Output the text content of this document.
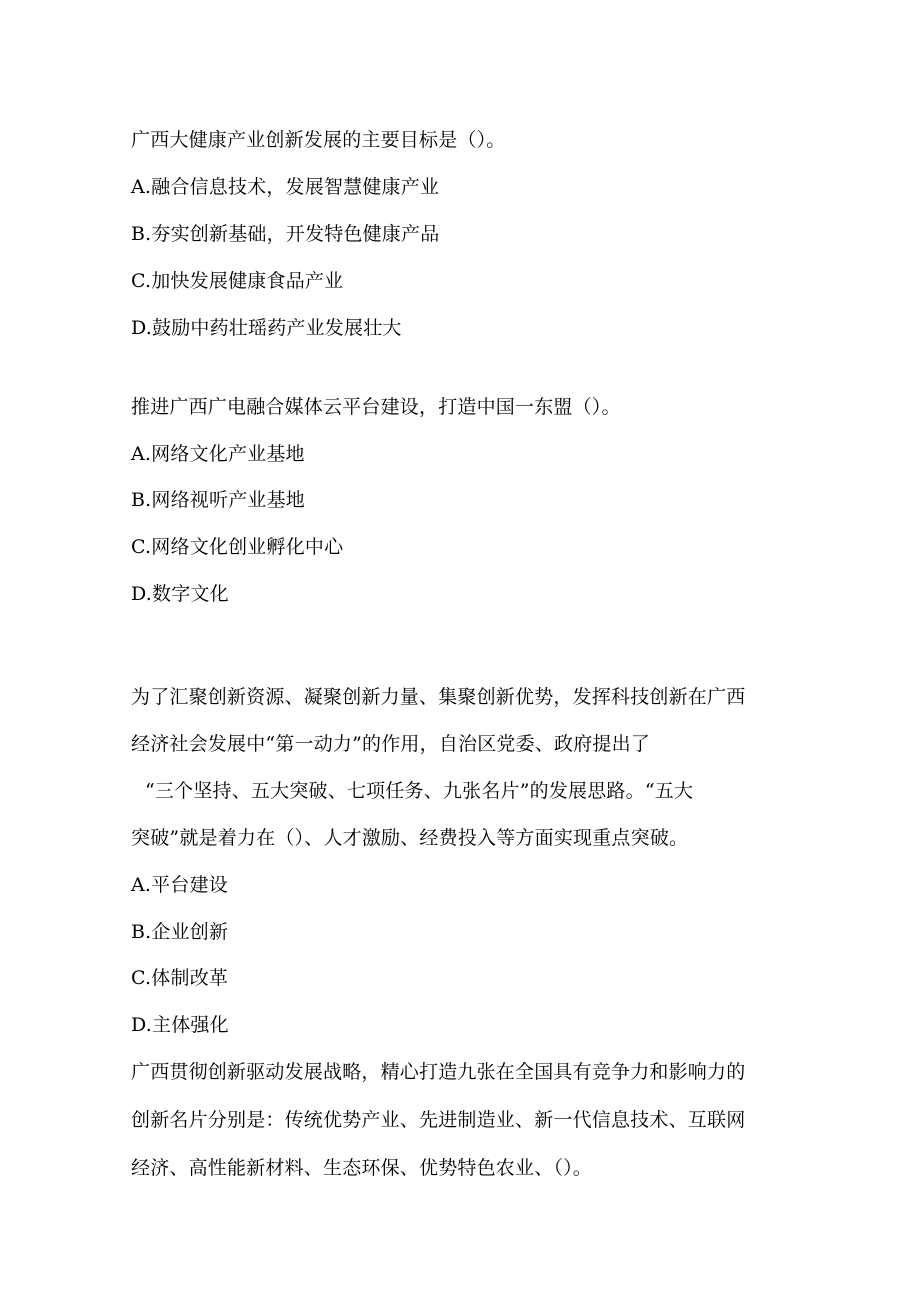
广西大健康产业创新发展的主要目标是（）。
A.融合信息技术，发展智慧健康产业
B.夯实创新基础，开发特色健康产品
C.加快发展健康食品产业
D.鼓励中药壮瑶药产业发展壮大
推进广西广电融合媒体云平台建设，打造中国一东盟（）。
A.网络文化产业基地
B.网络视听产业基地
C.网络文化创业孵化中心
D.数字文化
为了汇聚创新资源、凝聚创新力量、集聚创新优势，发挥科技创新在广西
经济社会发展中“第一动力”的作用，自治区党委、政府提出了
“三个坚持、五大突破、七项任务、九张名片”的发展思路。“五大
突破”就是着力在（）、人才激励、经费投入等方面实现重点突破。
A.平台建设
B.企业创新
C.体制改革
D.主体强化
广西贯彻创新驱动发展战略，精心打造九张在全国具有竞争力和影响力的
创新名片分别是：传统优势产业、先进制造业、新一代信息技术、互联网
经济、高性能新材料、生态环保、优势特色农业、（）。
